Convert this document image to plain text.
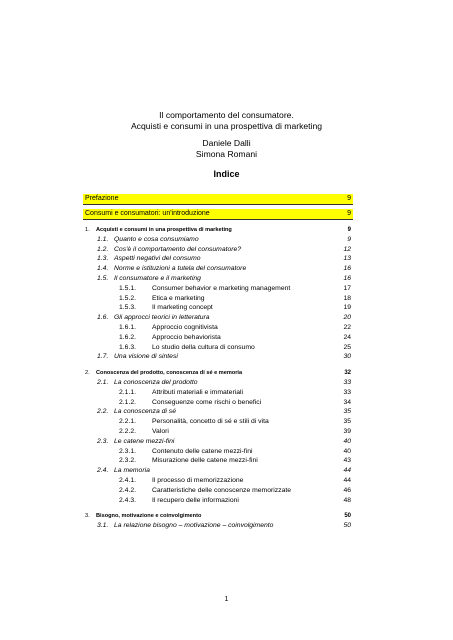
Il comportamento del consumatore.
Acquisti e consumi in una prospettiva di marketing
Daniele Dalli
Simona Romani
Indice
Prefazione	9
Consumi e consumatori: un'introduzione	9
1. Acquisti e consumi in una prospettiva di marketing	9
1.1. Quanto e cosa consumiamo	9
1.2. Cos'è il comportamento del consumatore?	12
1.3. Aspetti negativi del consumo	13
1.4. Norme e istituzioni a tutela del consumatore	16
1.5. Il consumatore e il marketing	16
1.5.1. Consumer behavior e marketing management	17
1.5.2. Etica e marketing	18
1.5.3. Il marketing concept	19
1.6. Gli approcci teorici in letteratura	20
1.6.1. Approccio cognitivista	22
1.6.2. Approccio behaviorista	24
1.6.3. Lo studio della cultura di consumo	25
1.7. Una visione di sintesi	30
2. Conoscenza del prodotto, conoscenza di sé e memoria	32
2.1. La conoscenza del prodotto	33
2.1.1. Attributi materiali e immateriali	33
2.1.2. Conseguenze come rischi o benefici	34
2.2. La conoscenza di sé	35
2.2.1. Personalità, concetto di sé e stili di vita	35
2.2.2. Valori	39
2.3. Le catene mezzi-fini	40
2.3.1. Contenuto delle catene mezzi-fini	40
2.3.2. Misurazione delle catene mezzi-fini	43
2.4. La memoria	44
2.4.1. Il processo di memorizzazione	44
2.4.2. Caratteristiche delle conoscenze memorizzate	46
2.4.3. Il recupero delle informazioni	48
3. Bisogno, motivazione e coinvolgimento	50
3.1. La relazione bisogno – motivazione – coinvolgimento	50
1
